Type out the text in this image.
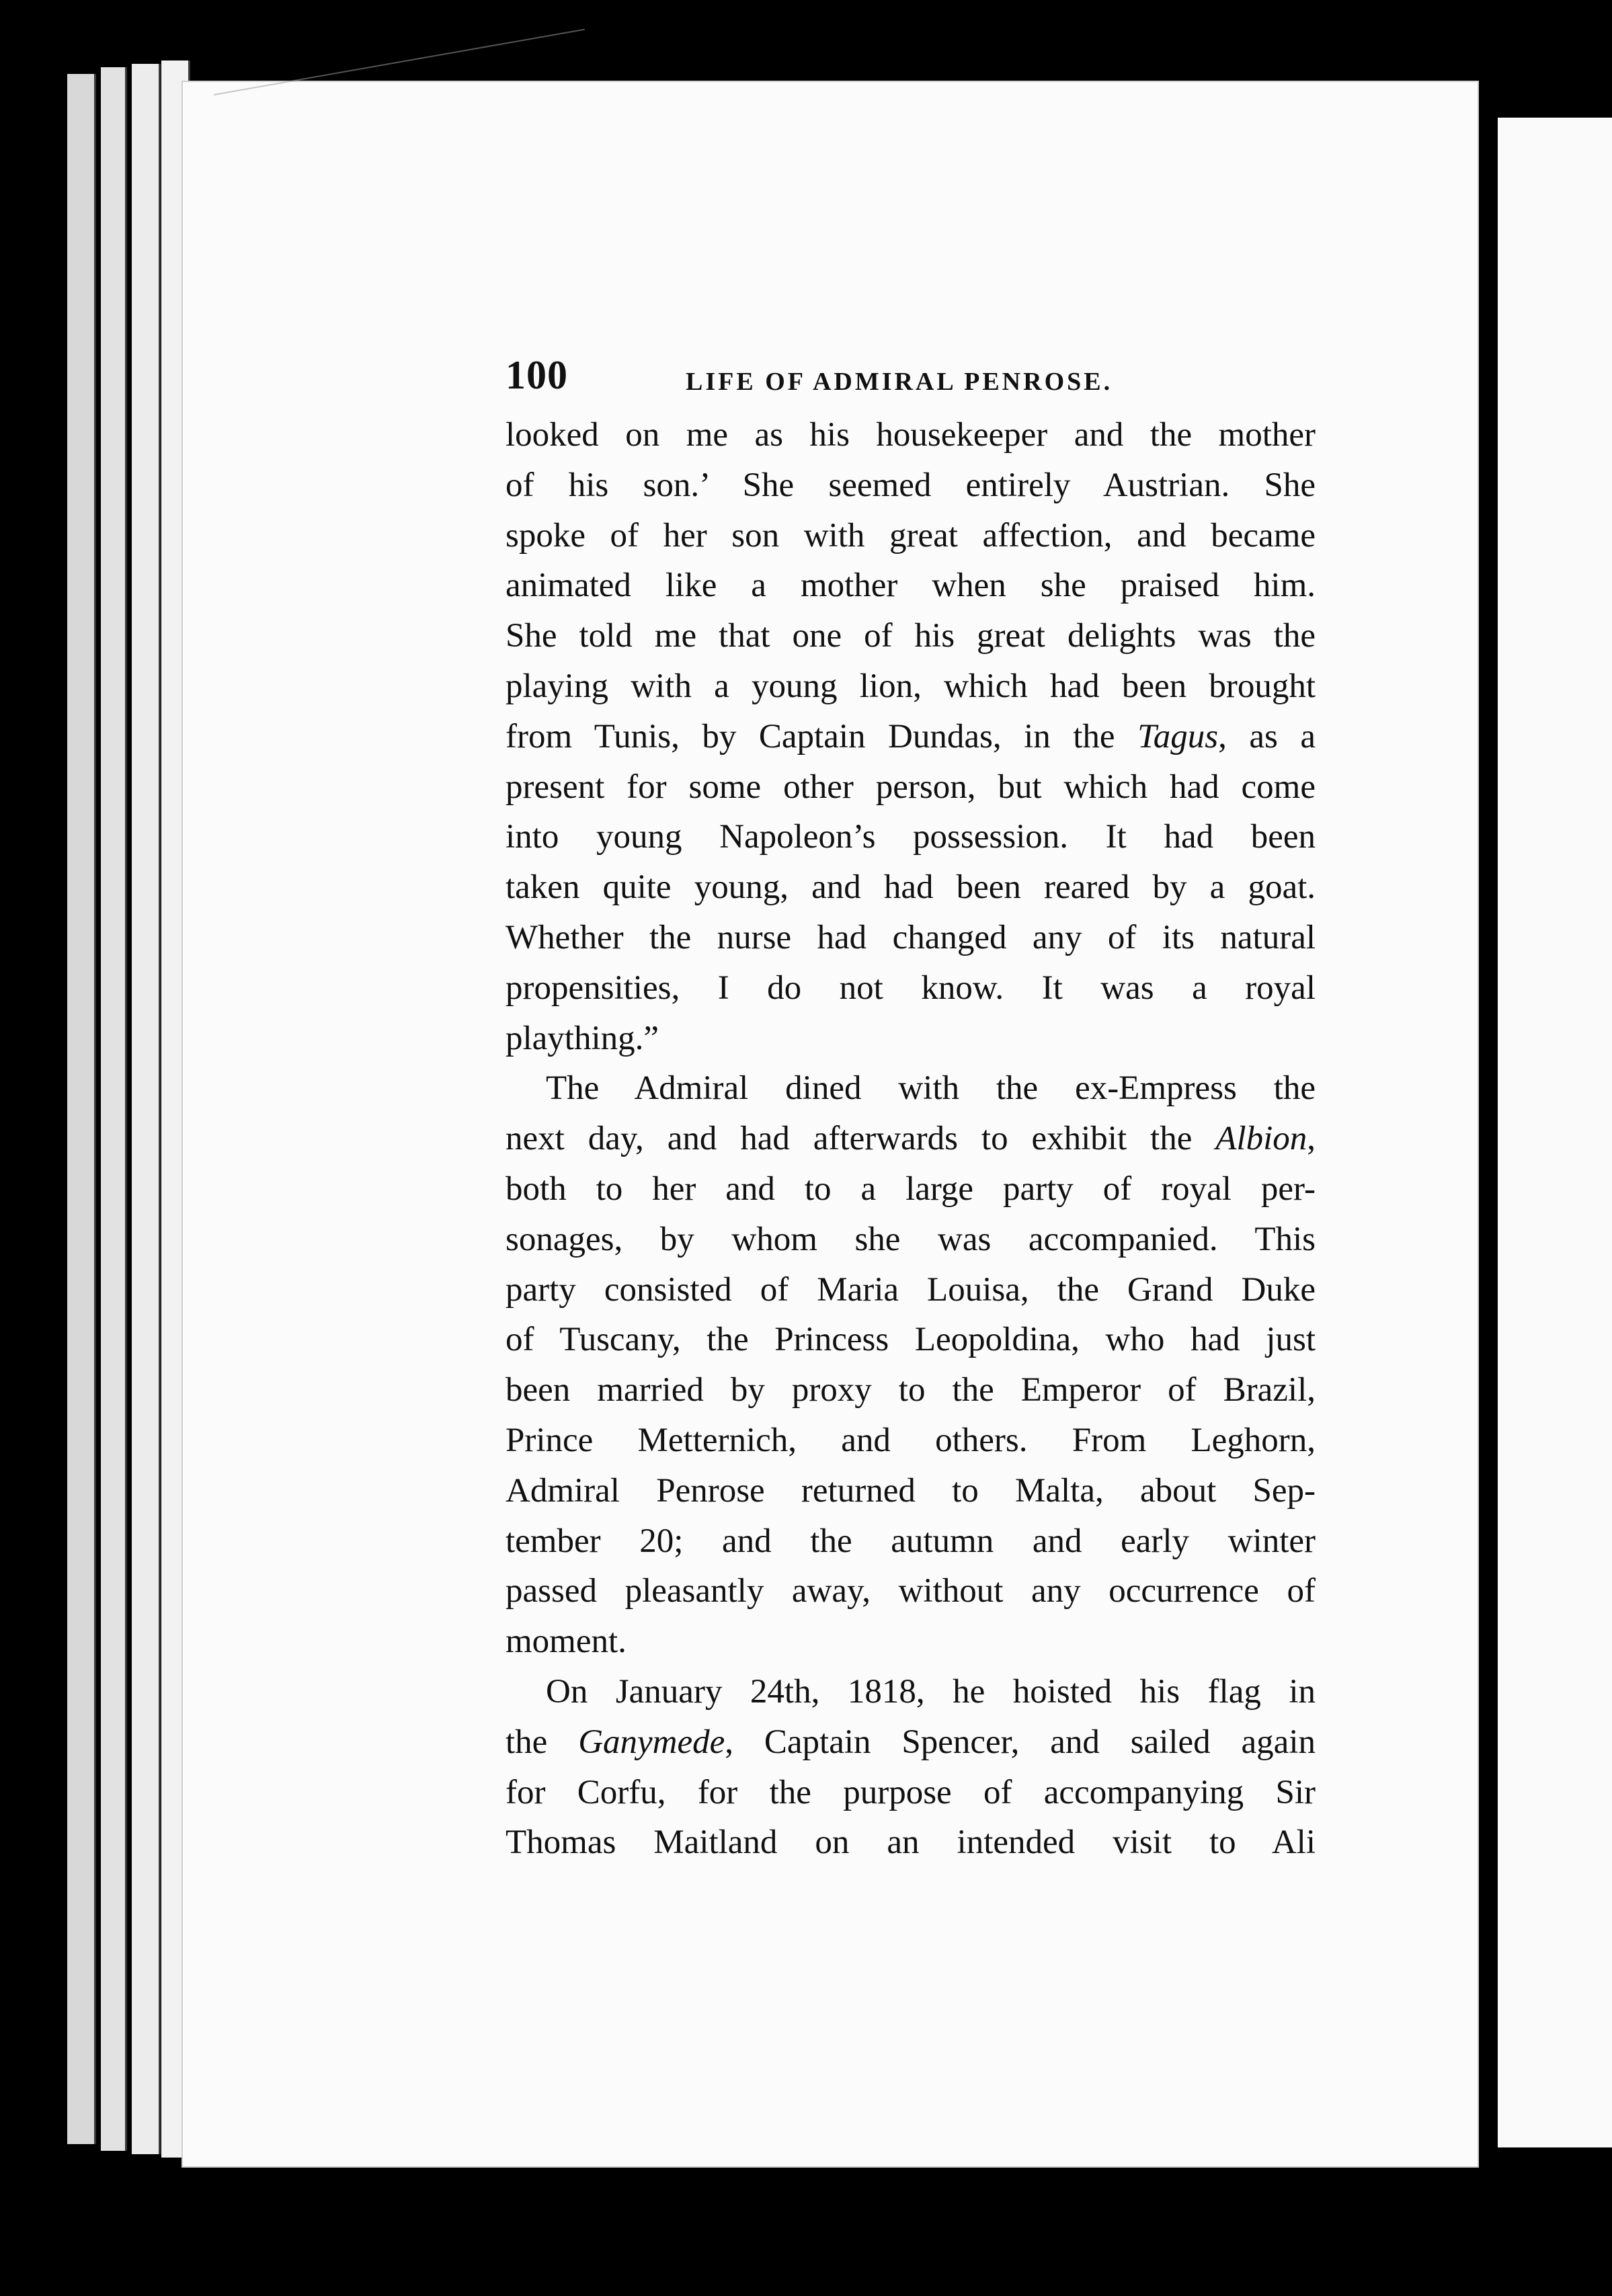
100	LIFE OF ADMIRAL PENROSE.
looked on me as his housekeeper and the mother
of his son.’ She seemed entirely Austrian. She
spoke of her son with great affection, and became
animated like a mother when she praised him.
She told me that one of his great delights was the
playing with a young lion, which had been brought
from Tunis, by Captain Dundas, in the Tagus, as a
present for some other person, but which had come
into young Napoleon’s possession. It had been
taken quite young, and had been reared by a goat.
Whether the nurse had changed any of its natural
propensities, I do not know. It was a royal
plaything.”
The Admiral dined with the ex-Empress the
next day, and had afterwards to exhibit the Albion,
both to her and to a large party of royal per-
sonages, by whom she was accompanied. This
party consisted of Maria Louisa, the Grand Duke
of Tuscany, the Princess Leopoldina, who had just
been married by proxy to the Emperor of Brazil,
Prince Metternich, and others. From Leghorn,
Admiral Penrose returned to Malta, about Sep-
tember 20; and the autumn and early winter
passed pleasantly away, without any occurrence of
moment.
On January 24th, 1818, he hoisted his flag in
the Ganymede, Captain Spencer, and sailed again
for Corfu, for the purpose of accompanying Sir
Thomas Maitland on an intended visit to Ali
